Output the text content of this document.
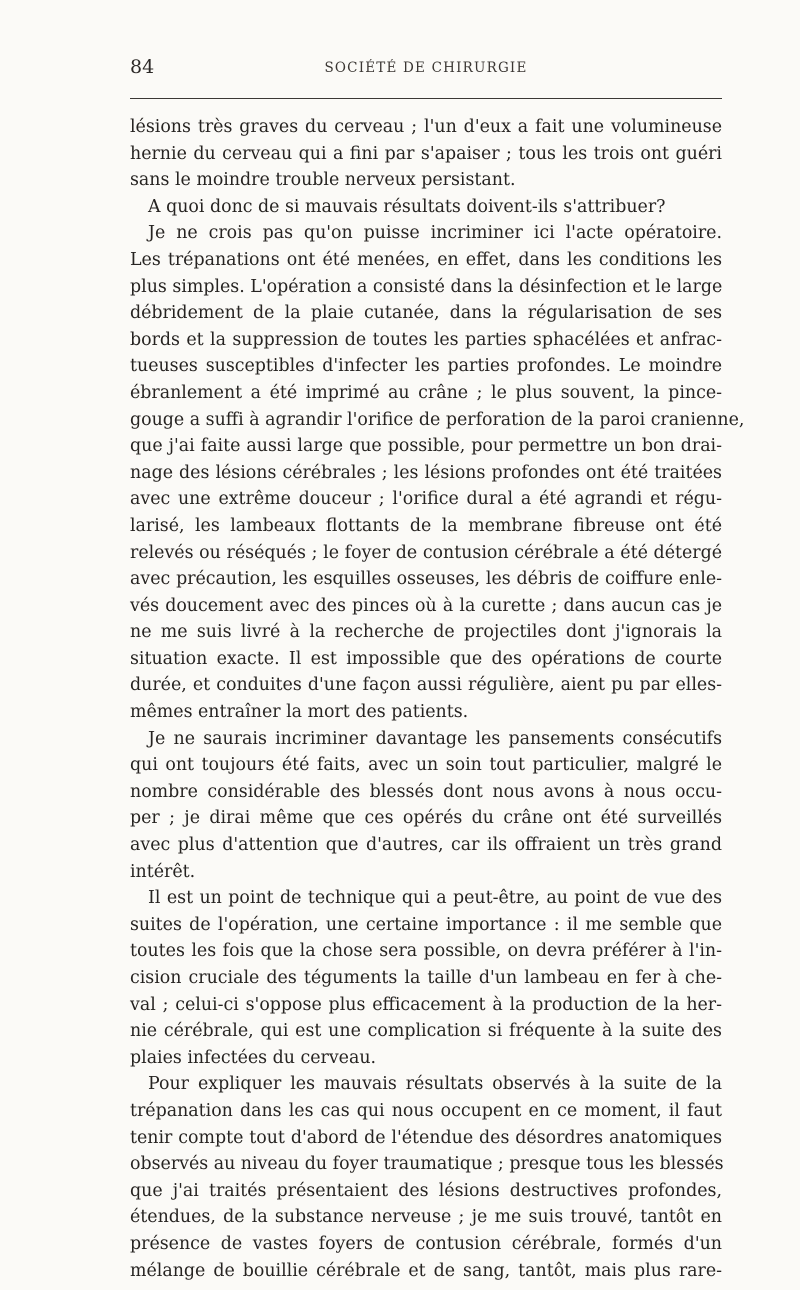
84	SOCIÉTÉ DE CHIRURGIE
lésions très graves du cerveau ; l'un d'eux a fait une volumineuse
hernie du cerveau qui a fini par s'apaiser ; tous les trois ont guéri
sans le moindre trouble nerveux persistant.
A quoi donc de si mauvais résultats doivent-ils s'attribuer?
Je ne crois pas qu'on puisse incriminer ici l'acte opératoire.
Les trépanations ont été menées, en effet, dans les conditions les
plus simples. L'opération a consisté dans la désinfection et le large
débridement de la plaie cutanée, dans la régularisation de ses
bords et la suppression de toutes les parties sphacélées et anfrac-
tueuses susceptibles d'infecter les parties profondes. Le moindre
ébranlement a été imprimé au crâne ; le plus souvent, la pince-
gouge a suffi à agrandir l'orifice de perforation de la paroi cranienne,
que j'ai faite aussi large que possible, pour permettre un bon drai-
nage des lésions cérébrales ; les lésions profondes ont été traitées
avec une extrême douceur ; l'orifice dural a été agrandi et régu-
larisé, les lambeaux flottants de la membrane fibreuse ont été
relevés ou réséqués ; le foyer de contusion cérébrale a été détergé
avec précaution, les esquilles osseuses, les débris de coiffure enle-
vés doucement avec des pinces où à la curette ; dans aucun cas je
ne me suis livré à la recherche de projectiles dont j'ignorais la
situation exacte. Il est impossible que des opérations de courte
durée, et conduites d'une façon aussi régulière, aient pu par elles-
mêmes entraîner la mort des patients.
Je ne saurais incriminer davantage les pansements consécutifs
qui ont toujours été faits, avec un soin tout particulier, malgré le
nombre considérable des blessés dont nous avons à nous occu-
per ; je dirai même que ces opérés du crâne ont été surveillés
avec plus d'attention que d'autres, car ils offraient un très grand
intérêt.
Il est un point de technique qui a peut-être, au point de vue des
suites de l'opération, une certaine importance : il me semble que
toutes les fois que la chose sera possible, on devra préférer à l'in-
cision cruciale des téguments la taille d'un lambeau en fer à che-
val ; celui-ci s'oppose plus efficacement à la production de la her-
nie cérébrale, qui est une complication si fréquente à la suite des
plaies infectées du cerveau.
Pour expliquer les mauvais résultats observés à la suite de la
trépanation dans les cas qui nous occupent en ce moment, il faut
tenir compte tout d'abord de l'étendue des désordres anatomiques
observés au niveau du foyer traumatique ; presque tous les blessés
que j'ai traités présentaient des lésions destructives profondes,
étendues, de la substance nerveuse ; je me suis trouvé, tantôt en
présence de vastes foyers de contusion cérébrale, formés d'un
mélange de bouillie cérébrale et de sang, tantôt, mais plus rare-
